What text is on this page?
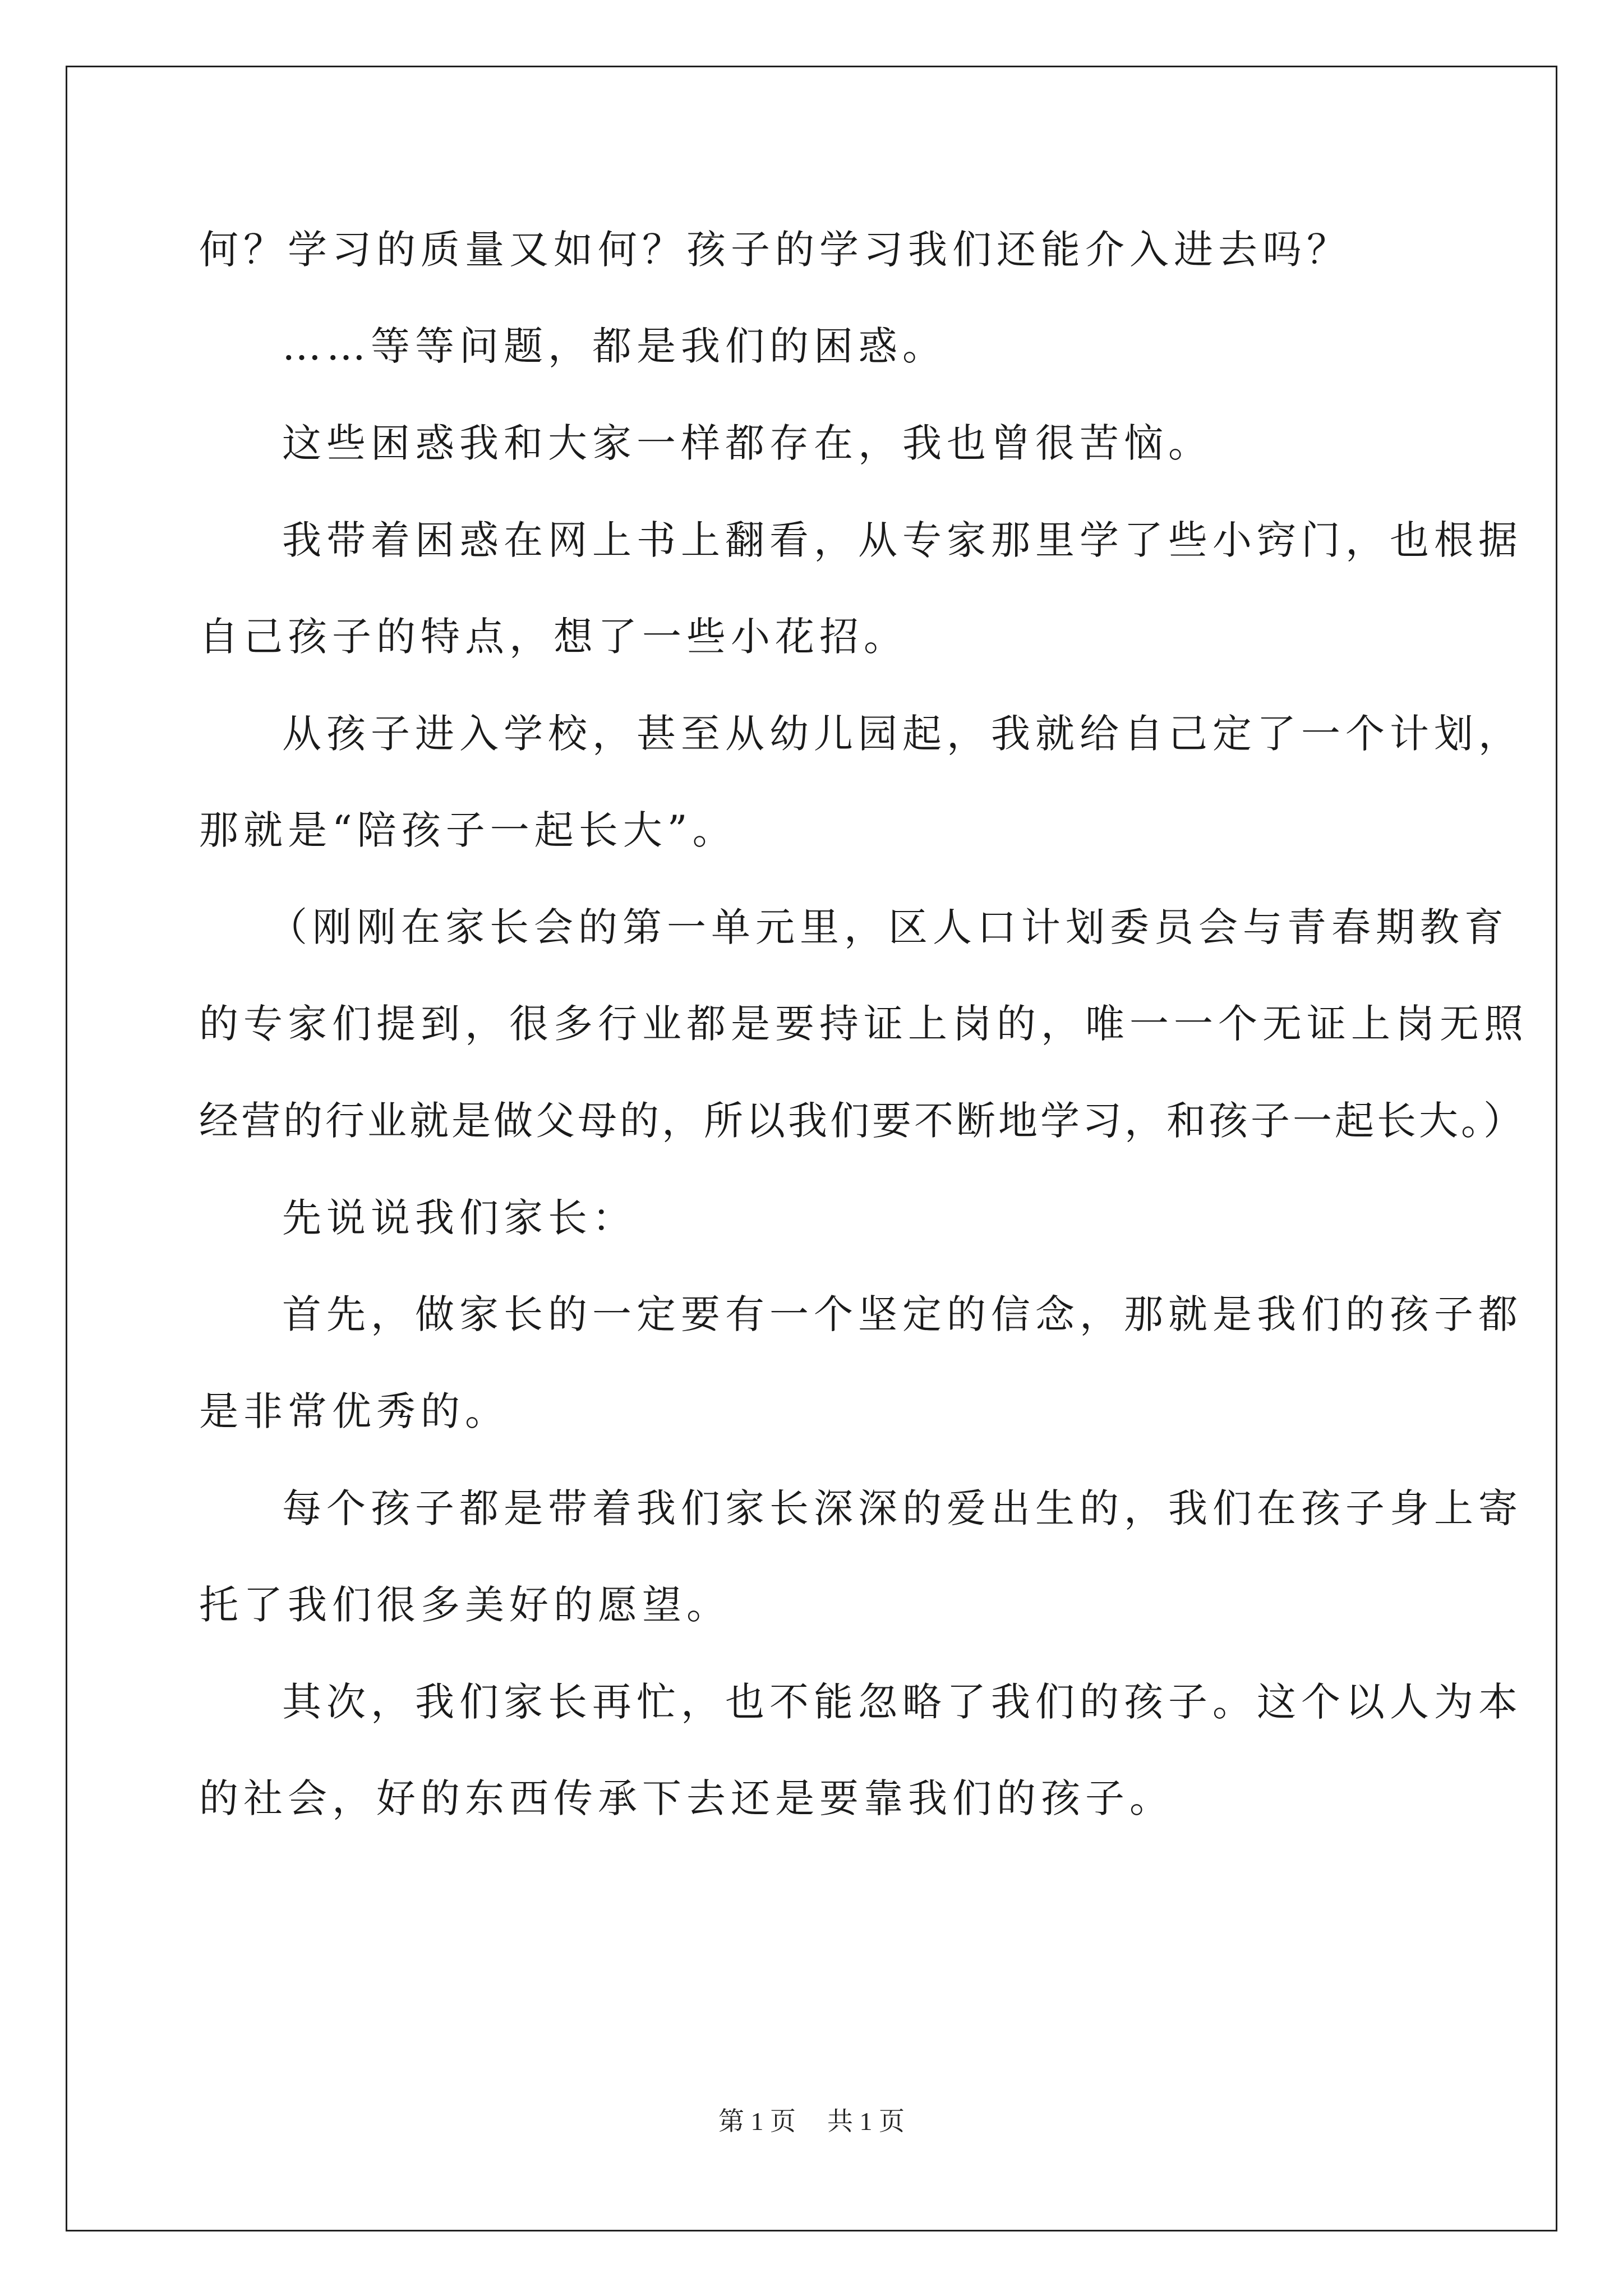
何？学习的质量又如何？孩子的学习我们还能介入进去吗？
……等等问题，都是我们的困惑。
这些困惑我和大家一样都存在，我也曾很苦恼。
我带着困惑在网上书上翻看，从专家那里学了些小窍门，也根据
自己孩子的特点，想了一些小花招。
从孩子进入学校，甚至从幼儿园起，我就给自己定了一个计划，
那就是“陪孩子一起长大”。
（刚刚在家长会的第一单元里，区人口计划委员会与青春期教育
的专家们提到，很多行业都是要持证上岗的，唯一一个无证上岗无照
经营的行业就是做父母的，所以我们要不断地学习，和孩子一起长大。）
先说说我们家长：
首先，做家长的一定要有一个坚定的信念，那就是我们的孩子都
是非常优秀的。
每个孩子都是带着我们家长深深的爱出生的，我们在孩子身上寄
托了我们很多美好的愿望。
其次，我们家长再忙，也不能忽略了我们的孩子。这个以人为本
的社会，好的东西传承下去还是要靠我们的孩子。
第 1 页 共 1 页
